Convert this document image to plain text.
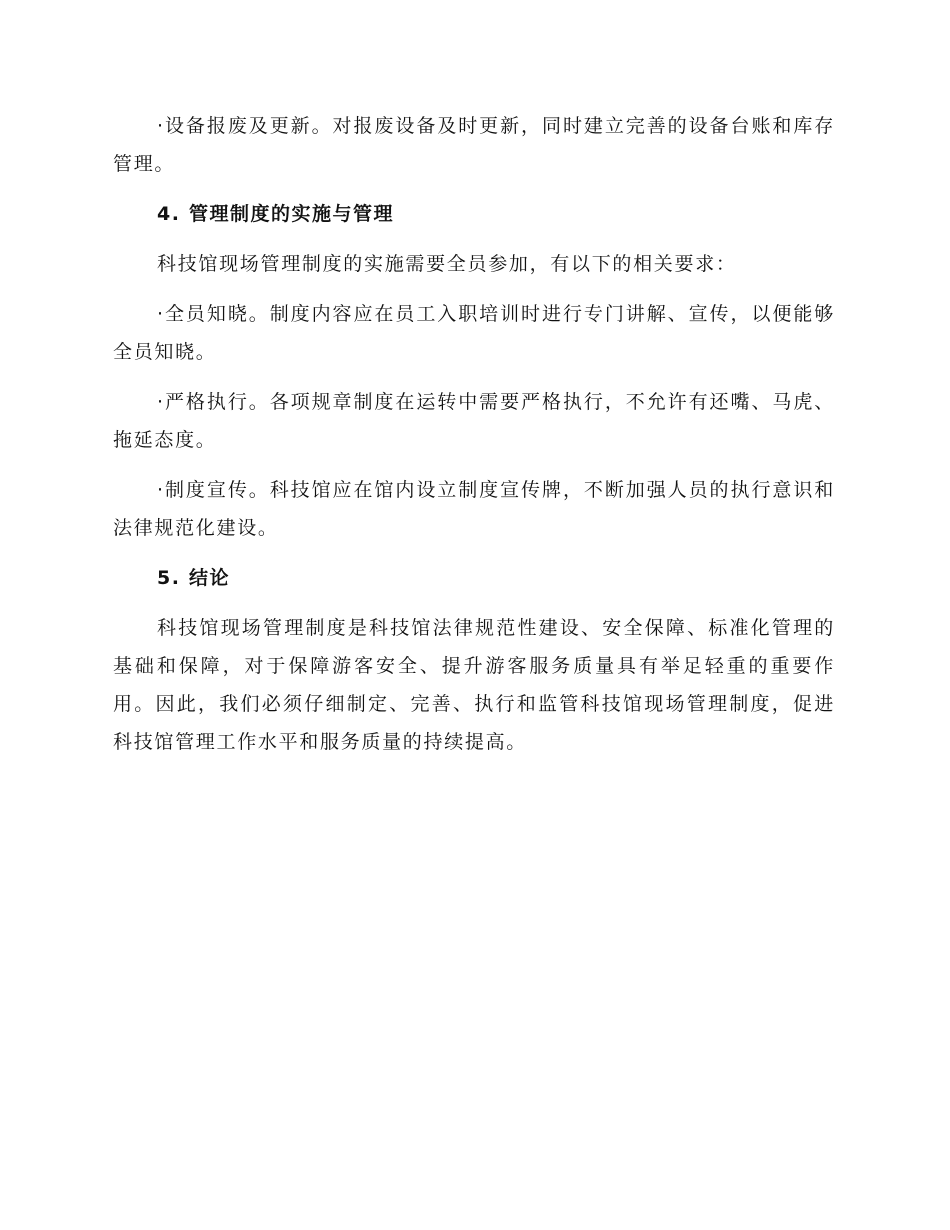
·设备报废及更新。对报废设备及时更新，同时建立完善的设备台账和库存管理。

4. 管理制度的实施与管理

科技馆现场管理制度的实施需要全员参加，有以下的相关要求：

·全员知晓。制度内容应在员工入职培训时进行专门讲解、宣传，以便能够全员知晓。

·严格执行。各项规章制度在运转中需要严格执行，不允许有还嘴、马虎、拖延态度。

·制度宣传。科技馆应在馆内设立制度宣传牌，不断加强人员的执行意识和法律规范化建设。

5. 结论

科技馆现场管理制度是科技馆法律规范性建设、安全保障、标准化管理的基础和保障，对于保障游客安全、提升游客服务质量具有举足轻重的重要作用。因此，我们必须仔细制定、完善、执行和监管科技馆现场管理制度，促进科技馆管理工作水平和服务质量的持续提高。
